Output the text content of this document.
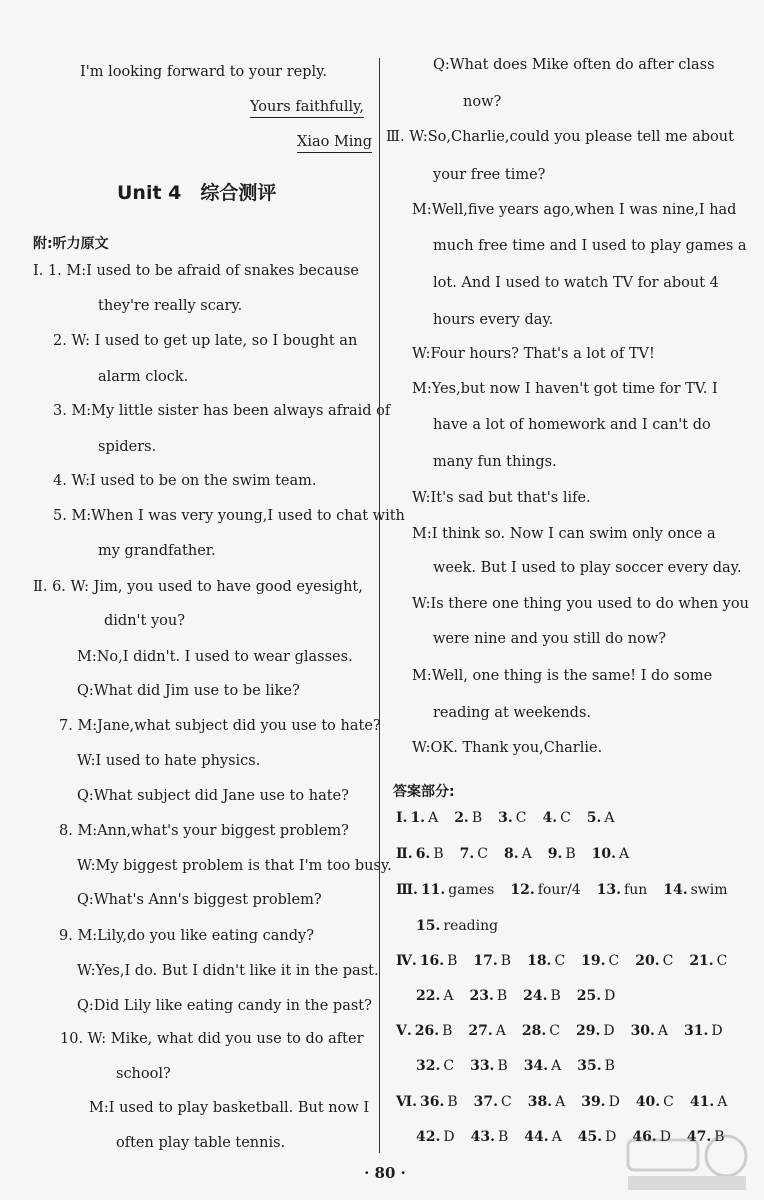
I'm looking forward to your reply.
Yours faithfully,
Xiao Ming
Unit 4　综合测评
附:听力原文
Ⅰ. 1. M:I used to be afraid of snakes because
they're really scary.
2. W: I used to get up late, so I bought an
alarm clock.
3. M:My little sister has been always afraid of
spiders.
4. W:I used to be on the swim team.
5. M:When I was very young,I used to chat with
my grandfather.
Ⅱ. 6. W: Jim, you used to have good eyesight,
didn't you?
M:No,I didn't. I used to wear glasses.
Q:What did Jim use to be like?
7. M:Jane,what subject did you use to hate?
W:I used to hate physics.
Q:What subject did Jane use to hate?
8. M:Ann,what's your biggest problem?
W:My biggest problem is that I'm too busy.
Q:What's Ann's biggest problem?
9. M:Lily,do you like eating candy?
W:Yes,I do. But I didn't like it in the past.
Q:Did Lily like eating candy in the past?
10. W: Mike, what did you use to do after
school?
M:I used to play basketball. But now I
often play table tennis.
Q:What does Mike often do after class
now?
Ⅲ. W:So,Charlie,could you please tell me about
your free time?
M:Well,five years ago,when I was nine,I had
much free time and I used to play games a
lot. And I used to watch TV for about 4
hours every day.
W:Four hours? That's a lot of TV!
M:Yes,but now I haven't got time for TV. I
have a lot of homework and I can't do
many fun things.
W:It's sad but that's life.
M:I think so. Now I can swim only once a
week. But I used to play soccer every day.
W:Is there one thing you used to do when you
were nine and you still do now?
M:Well, one thing is the same! I do some
reading at weekends.
W:OK. Thank you,Charlie.
答案部分:
Ⅰ. 1. A 2. B 3. C 4. C 5. A
Ⅱ. 6. B 7. C 8. A 9. B 10. A
Ⅲ. 11. games 12. four/4 13. fun 14. swim
15. reading
Ⅳ. 16. B 17. B 18. C 19. C 20. C 21. C
22. A 23. B 24. B 25. D
Ⅴ. 26. B 27. A 28. C 29. D 30. A 31. D
32. C 33. B 34. A 35. B
Ⅵ. 36. B 37. C 38. A 39. D 40. C 41. A
42. D 43. B 44. A 45. D 46. D 47. B
· 80 ·
